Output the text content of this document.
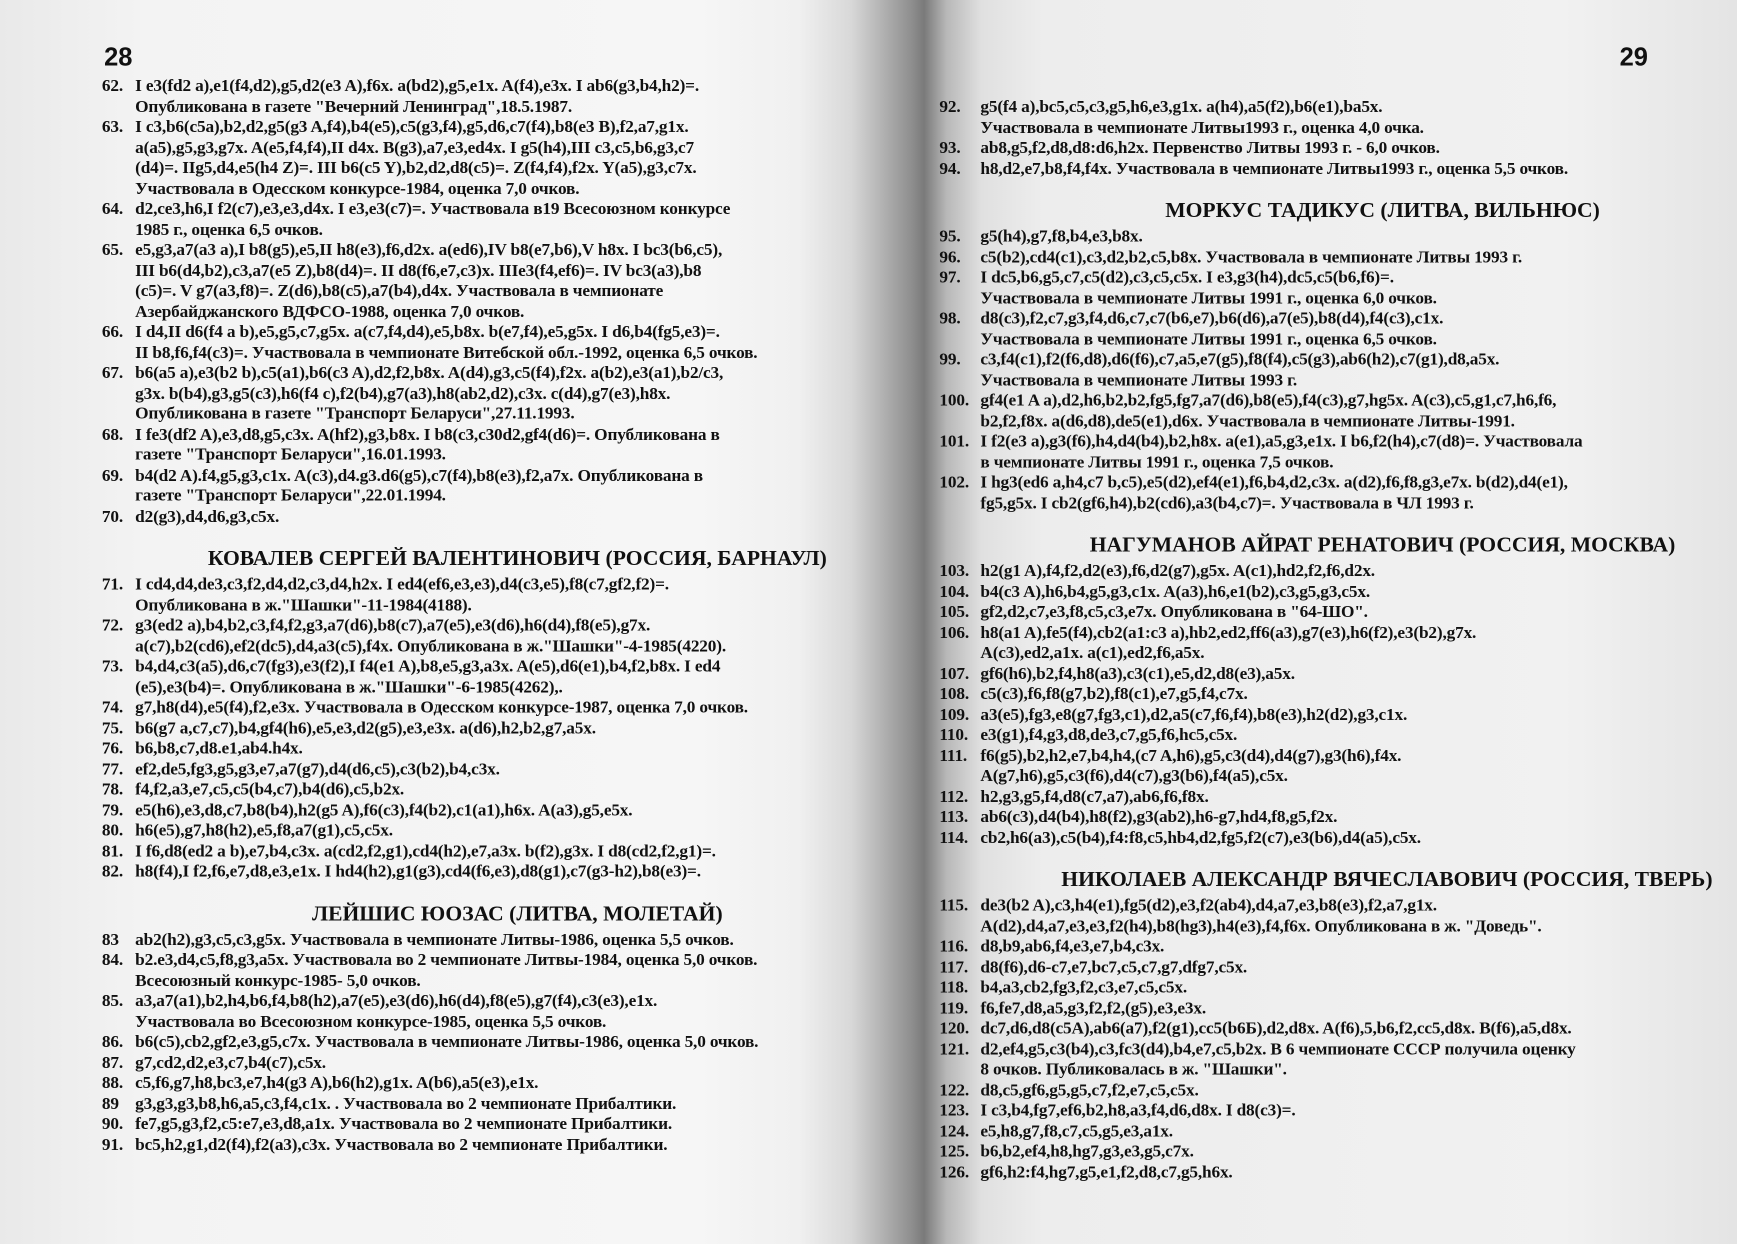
28
62. I e3(fd2 a),e1(f4,d2),g5,d2(e3 A),f6x. a(bd2),g5,e1x. A(f4),e3x. I ab6(g3,b4,h2)=.
Опубликована в газете "Вечерний Ленинград",18.5.1987.
63. I c3,b6(c5a),b2,d2,g5(g3 A,f4),b4(e5),c5(g3,f4),g5,d6,c7(f4),b8(e3 B),f2,a7,g1x.
a(a5),g5,g3,g7x. A(e5,f4,f4),II d4x. B(g3),a7,e3,ed4x. I g5(h4),III c3,c5,b6,g3,c7
(d4)=. IIg5,d4,e5(h4 Z)=. III b6(c5 Y),b2,d2,d8(c5)=. Z(f4,f4),f2x. Y(a5),g3,c7x.
Участвовала в Одесском конкурсе-1984, оценка 7,0 очков.
64. d2,ce3,h6,I f2(c7),e3,e3,d4x. I e3,e3(c7)=. Участвовала в19 Всесоюзном конкурсе
1985 г., оценка 6,5 очков.
65. e5,g3,a7(a3 a),I b8(g5),e5,II h8(e3),f6,d2x. a(ed6),IV b8(e7,b6),V h8x. I bc3(b6,c5),
III b6(d4,b2),c3,a7(e5 Z),b8(d4)=. II d8(f6,e7,c3)x. IIIe3(f4,ef6)=. IV bc3(a3),b8
(c5)=. V g7(a3,f8)=. Z(d6),b8(c5),a7(b4),d4x. Участвовала в чемпионате
Азербайджанского ВДФСО-1988, оценка 7,0 очков.
66. I d4,II d6(f4 a b),e5,g5,c7,g5x. a(c7,f4,d4),e5,b8x. b(e7,f4),e5,g5x. I d6,b4(fg5,e3)=.
II b8,f6,f4(c3)=. Участвовала в чемпионате Витебской обл.-1992, оценка 6,5 очков.
67. b6(a5 a),e3(b2 b),c5(a1),b6(c3 A),d2,f2,b8x. A(d4),g3,c5(f4),f2x. a(b2),e3(a1),b2/c3,
g3x. b(b4),g3,g5(c3),h6(f4 c),f2(b4),g7(a3),h8(ab2,d2),c3x. c(d4),g7(e3),h8x.
Опубликована в газете "Транспорт Беларуси",27.11.1993.
68. I fe3(df2 A),e3,d8,g5,c3x. A(hf2),g3,b8x. I b8(c3,c30d2,gf4(d6)=. Опубликована в
газете "Транспорт Беларуси",16.01.1993.
69. b4(d2 A).f4,g5,g3,c1x. A(c3),d4.g3.d6(g5),c7(f4),b8(e3),f2,a7x. Опубликована в
газете "Транспорт Беларуси",22.01.1994.
70. d2(g3),d4,d6,g3,c5x.
КОВАЛЕВ СЕРГЕЙ ВАЛЕНТИНОВИЧ (РОССИЯ, БАРНАУЛ)
71. I cd4,d4,de3,c3,f2,d4,d2,c3,d4,h2x. I ed4(ef6,e3,e3),d4(c3,e5),f8(c7,gf2,f2)=.
Опубликована в ж."Шашки"-11-1984(4188).
72. g3(ed2 a),b4,b2,c3,f4,f2,g3,a7(d6),b8(c7),a7(e5),e3(d6),h6(d4),f8(e5),g7x.
a(c7),b2(cd6),ef2(dc5),d4,a3(c5),f4x. Опубликована в ж."Шашки"-4-1985(4220).
73. b4,d4,c3(a5),d6,c7(fg3),e3(f2),I f4(e1 A),b8,e5,g3,a3x. A(e5),d6(e1),b4,f2,b8x. I ed4
(e5),e3(b4)=. Опубликована в ж."Шашки"-6-1985(4262),.
74. g7,h8(d4),e5(f4),f2,e3x. Участвовала в Одесском конкурсе-1987, оценка 7,0 очков.
75. b6(g7 a,c7,c7),b4,gf4(h6),e5,e3,d2(g5),e3,e3x. a(d6),h2,b2,g7,a5x.
76. b6,b8,c7,d8.e1,ab4.h4x.
77. ef2,de5,fg3,g5,g3,e7,a7(g7),d4(d6,c5),c3(b2),b4,c3x.
78. f4,f2,a3,e7,c5,c5(b4,c7),b4(d6),c5,b2x.
79. e5(h6),e3,d8,c7,b8(b4),h2(g5 A),f6(c3),f4(b2),c1(a1),h6x. A(a3),g5,e5x.
80. h6(e5),g7,h8(h2),e5,f8,a7(g1),c5,c5x.
81. I f6,d8(ed2 a b),e7,b4,c3x. a(cd2,f2,g1),cd4(h2),e7,a3x. b(f2),g3x. I d8(cd2,f2,g1)=.
82. h8(f4),I f2,f6,e7,d8,e3,e1x. I hd4(h2),g1(g3),cd4(f6,e3),d8(g1),c7(g3-h2),b8(e3)=.
ЛЕЙШИС ЮОЗАС (ЛИТВА, МОЛЕТАЙ)
83	ab2(h2),g3,c5,c3,g5x. Участвовала в чемпионате Литвы-1986, оценка 5,5 очков.
84. b2.e3,d4,c5,f8,g3,a5x. Участвовала во 2 чемпионате Литвы-1984, оценка 5,0 очков.
Всесоюзный конкурс-1985- 5,0 очков.
85. a3,a7(a1),b2,h4,b6,f4,b8(h2),a7(e5),e3(d6),h6(d4),f8(e5),g7(f4),c3(e3),e1x.
Участвовала во Всесоюзном конкурсе-1985, оценка 5,5 очков.
86. b6(c5),cb2,gf2,e3,g5,c7x. Участвовала в чемпионате Литвы-1986, оценка 5,0 очков.
87. g7,cd2,d2,e3,c7,b4(c7),c5x.
88. c5,f6,g7,h8,bc3,e7,h4(g3 A),b6(h2),g1x. A(b6),a5(e3),e1x.
89	g3,g3,g3,b8,h6,a5,c3,f4,c1x. . Участвовала во 2 чемпионате Прибалтики.
90. fe7,g5,g3,f2,c5:e7,e3,d8,a1x. Участвовала во 2 чемпионате Прибалтики.
91. bc5,h2,g1,d2(f4),f2(a3),c3x. Участвовала во 2 чемпионате Прибалтики.
29
92.	g5(f4 a),bc5,c5,c3,g5,h6,e3,g1x. a(h4),a5(f2),b6(e1),ba5x.
Участвовала в чемпионате Литвы1993 г., оценка 4,0 очка.
93.	ab8,g5,f2,d8,d8:d6,h2x. Первенство Литвы 1993 г. - 6,0 очков.
94.	h8,d2,e7,b8,f4,f4x. Участвовала в чемпионате Литвы1993 г., оценка 5,5 очков.
МОРКУС ТАДИКУС (ЛИТВА, ВИЛЬНЮС)
95.	g5(h4),g7,f8,b4,e3,b8x.
96.	c5(b2),cd4(c1),c3,d2,b2,c5,b8x. Участвовала в чемпионате Литвы 1993 г.
97.	I dc5,b6,g5,c7,c5(d2),c3,c5,c5x. I e3,g3(h4),dc5,c5(b6,f6)=.
Участвовала в чемпионате Литвы 1991 г., оценка 6,0 очков.
98.	d8(c3),f2,c7,g3,f4,d6,c7,c7(b6,e7),b6(d6),a7(e5),b8(d4),f4(c3),c1x.
Участвовала в чемпионате Литвы 1991 г., оценка 6,5 очков.
99.	c3,f4(c1),f2(f6,d8),d6(f6),c7,a5,e7(g5),f8(f4),c5(g3),ab6(h2),c7(g1),d8,a5x.
Участвовала в чемпионате Литвы 1993 г.
100. gf4(e1 A a),d2,h6,b2,b2,fg5,fg7,a7(d6),b8(e5),f4(c3),g7,hg5x. A(c3),c5,g1,c7,h6,f6,
b2,f2,f8x. a(d6,d8),de5(e1),d6x. Участвовала в чемпионате Литвы-1991.
101. I f2(e3 a),g3(f6),h4,d4(b4),b2,h8x. a(e1),a5,g3,e1x. I b6,f2(h4),c7(d8)=. Участвовала
в чемпионате Литвы 1991 г., оценка 7,5 очков.
102. I hg3(ed6 a,h4,c7 b,c5),e5(d2),ef4(e1),f6,b4,d2,c3x. a(d2),f6,f8,g3,e7x. b(d2),d4(e1),
fg5,g5x. I cb2(gf6,h4),b2(cd6),a3(b4,c7)=. Участвовала в ЧЛ 1993 г.
НАГУМАНОВ АЙРАТ РЕНАТОВИЧ (РОССИЯ, МОСКВА)
103. h2(g1 A),f4,f2,d2(e3),f6,d2(g7),g5x. A(c1),hd2,f2,f6,d2x.
104. b4(c3 A),h6,b4,g5,g3,c1x. A(a3),h6,e1(b2),c3,g5,g3,c5x.
105. gf2,d2,c7,e3,f8,c5,c3,e7x. Опубликована в "64-ШО".
106. h8(a1 A),fe5(f4),cb2(a1:c3 a),hb2,ed2,ff6(a3),g7(e3),h6(f2),e3(b2),g7x.
A(c3),ed2,a1x. a(c1),ed2,f6,a5x.
107. gf6(h6),b2,f4,h8(a3),c3(c1),e5,d2,d8(e3),a5x.
108. c5(c3),f6,f8(g7,b2),f8(c1),e7,g5,f4,c7x.
109. a3(e5),fg3,e8(g7,fg3,c1),d2,a5(c7,f6,f4),b8(e3),h2(d2),g3,c1x.
110. e3(g1),f4,g3,d8,de3,c7,g5,f6,hc5,c5x.
111. f6(g5),b2,h2,e7,b4,h4,(c7 A,h6),g5,c3(d4),d4(g7),g3(h6),f4x.
A(g7,h6),g5,c3(f6),d4(c7),g3(b6),f4(a5),c5x.
112. h2,g3,g5,f4,d8(c7,a7),ab6,f6,f8x.
113. ab6(c3),d4(b4),h8(f2),g3(ab2),h6-g7,hd4,f8,g5,f2x.
114. cb2,h6(a3),c5(b4),f4:f8,c5,hb4,d2,fg5,f2(c7),e3(b6),d4(a5),c5x.
НИКОЛАЕВ АЛЕКСАНДР ВЯЧЕСЛАВОВИЧ (РОССИЯ, ТВЕРЬ)
115. de3(b2 A),c3,h4(e1),fg5(d2),e3,f2(ab4),d4,a7,e3,b8(e3),f2,a7,g1x.
A(d2),d4,a7,e3,e3,f2(h4),b8(hg3),h4(e3),f4,f6x. Опубликована в ж. "Доведь".
116. d8,b9,ab6,f4,e3,e7,b4,c3x.
117. d8(f6),d6-c7,e7,bc7,c5,c7,g7,dfg7,c5x.
118. b4,a3,cb2,fg3,f2,c3,e7,c5,c5x.
119. f6,fe7,d8,a5,g3,f2,f2,(g5),e3,e3x.
120. dc7,d6,d8(c5A),ab6(a7),f2(g1),cc5(b6Б),d2,d8x. A(f6),5,b6,f2,cc5,d8x. B(f6),a5,d8x.
121. d2,ef4,g5,c3(b4),c3,fc3(d4),b4,e7,c5,b2x. В 6 чемпионате СССР получила оценку
8 очков. Публиковалась в ж. "Шашки".
122. d8,c5,gf6,g5,g5,c7,f2,e7,c5,c5x.
123. I c3,b4,fg7,ef6,b2,h8,a3,f4,d6,d8x. I d8(c3)=.
124. e5,h8,g7,f8,c7,c5,g5,e3,a1x.
125. b6,b2,ef4,h8,hg7,g3,e3,g5,c7x.
126. gf6,h2:f4,hg7,g5,e1,f2,d8,c7,g5,h6x.
